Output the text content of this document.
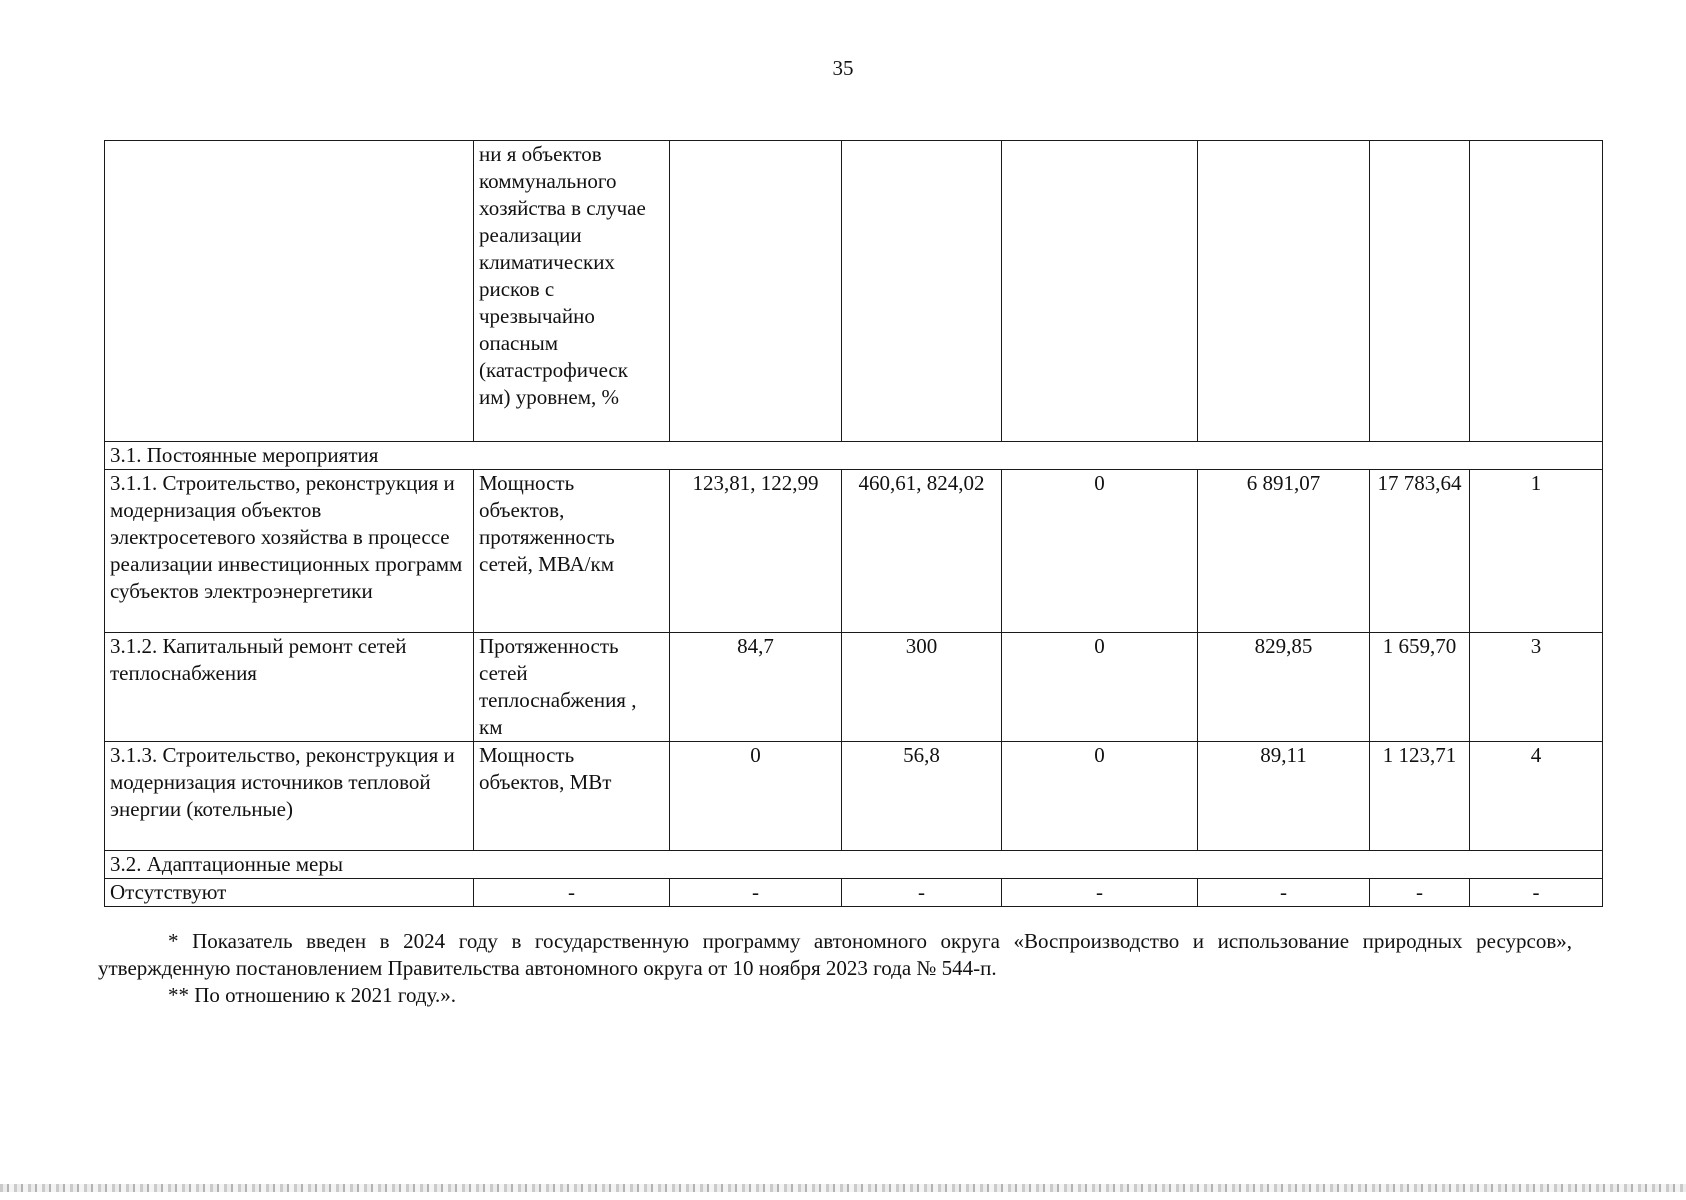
35
	ни я объектов коммунального хозяйства в случае реализации климатических рисков с чрезвычайно опасным (катастрофическ им) уровнем, %						
3.1. Постоянные мероприятия							
3.1.1. Строительство, реконструкция и модернизация объектов электросетевого хозяйства в процессе реализации инвестиционных программ субъектов электроэнергетики	Мощность объектов, протяженность сетей, МВА/км	123,81, 122,99	460,61, 824,02	0	6 891,07	17 783,64	1
3.1.2. Капитальный ремонт сетей теплоснабжения	Протяженность сетей теплоснабжения , км	84,7	300	0	829,85	1 659,70	3
3.1.3. Строительство, реконструкция и модернизация источников тепловой энергии (котельные)	Мощность объектов, МВт	0	56,8	0	89,11	1 123,71	4
3.2. Адаптационные меры							
Отсутствуют	-	-	-	-	-	-	-

* Показатель введен в 2024 году в государственную программу автономного округа «Воспроизводство и использование природных ресурсов», утвержденную постановлением Правительства автономного округа от 10 ноября 2023 года № 544-п.

** По отношению к 2021 году.».
